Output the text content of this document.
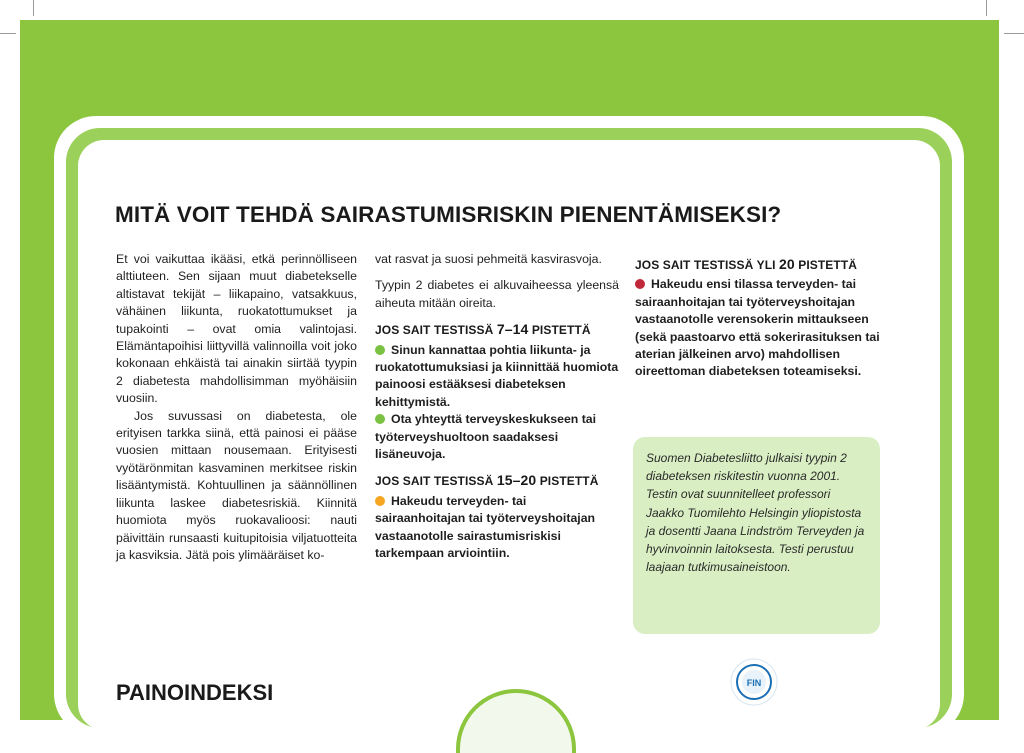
MITÄ VOIT TEHDÄ SAIRASTUMISRISKIN PIENENTÄMISEKSI?

Et voi vaikuttaa ikääsi, etkä perinnölliseen alttiuteen. Sen sijaan muut diabetekselle altistavat tekijät – liikapaino, vatsakkuus, vähäinen liikunta, ruokatottumukset ja tupakointi – ovat omia valintojasi. Elämäntapoihisi liittyvillä valinnoilla voit joko kokonaan ehkäistä tai ainakin siirtää tyypin 2 diabetesta mahdollisimman myöhäisiin vuosiin.

Jos suvussasi on diabetesta, ole erityisen tarkka siinä, että painosi ei pääse vuosien mittaan nousemaan. Erityisesti vyötärönmitan kasvaminen merkitsee riskin lisääntymistä. Kohtuullinen ja säännöllinen liikunta laskee diabetesriskiä. Kiinnitä huomiota myös ruokavalioosi: nauti päivittäin runsaasti kuitupitoisia viljatuotteita ja kasviksia. Jätä pois ylimääräiset ko-

vat rasvat ja suosi pehmeitä kasvirasvoja.

Tyypin 2 diabetes ei alkuvaiheessa yleensä aiheuta mitään oireita.

JOS SAIT TESTISSÄ 7–14 PISTETTÄ

Sinun kannattaa pohtia liikunta- ja ruokatottumuksiasi ja kiinnittää huomiota painoosi estääksesi diabeteksen kehittymistä.

Ota yhteyttä terveyskeskukseen tai työterveyshuoltoon saadaksesi lisäneuvoja.

JOS SAIT TESTISSÄ 15–20 PISTETTÄ

Hakeudu terveyden- tai sairaanhoitajan tai työterveyshoitajan vastaanotolle sairastumisriskisi tarkempaan arviointiin.

JOS SAIT TESTISSÄ YLI 20 PISTETTÄ

Hakeudu ensi tilassa terveyden- tai sairaanhoitajan tai työterveyshoitajan vastaanotolle verensokerin mittaukseen (sekä paastoarvo että sokerirasituksen tai aterian jälkeinen arvo) mahdollisen oireettoman diabeteksen toteamiseksi.

Suomen Diabetesliitto julkaisi tyypin 2 diabeteksen riskitestin vuonna 2001. Testin ovat suunnitelleet professori Jaakko Tuomilehto Helsingin yliopistosta ja dosentti Jaana Lindström Terveyden ja hyvinvoinnin laitoksesta. Testi perustuu laajaan tutkimusaineistoon.
FIN
PAINOINDEKSI
